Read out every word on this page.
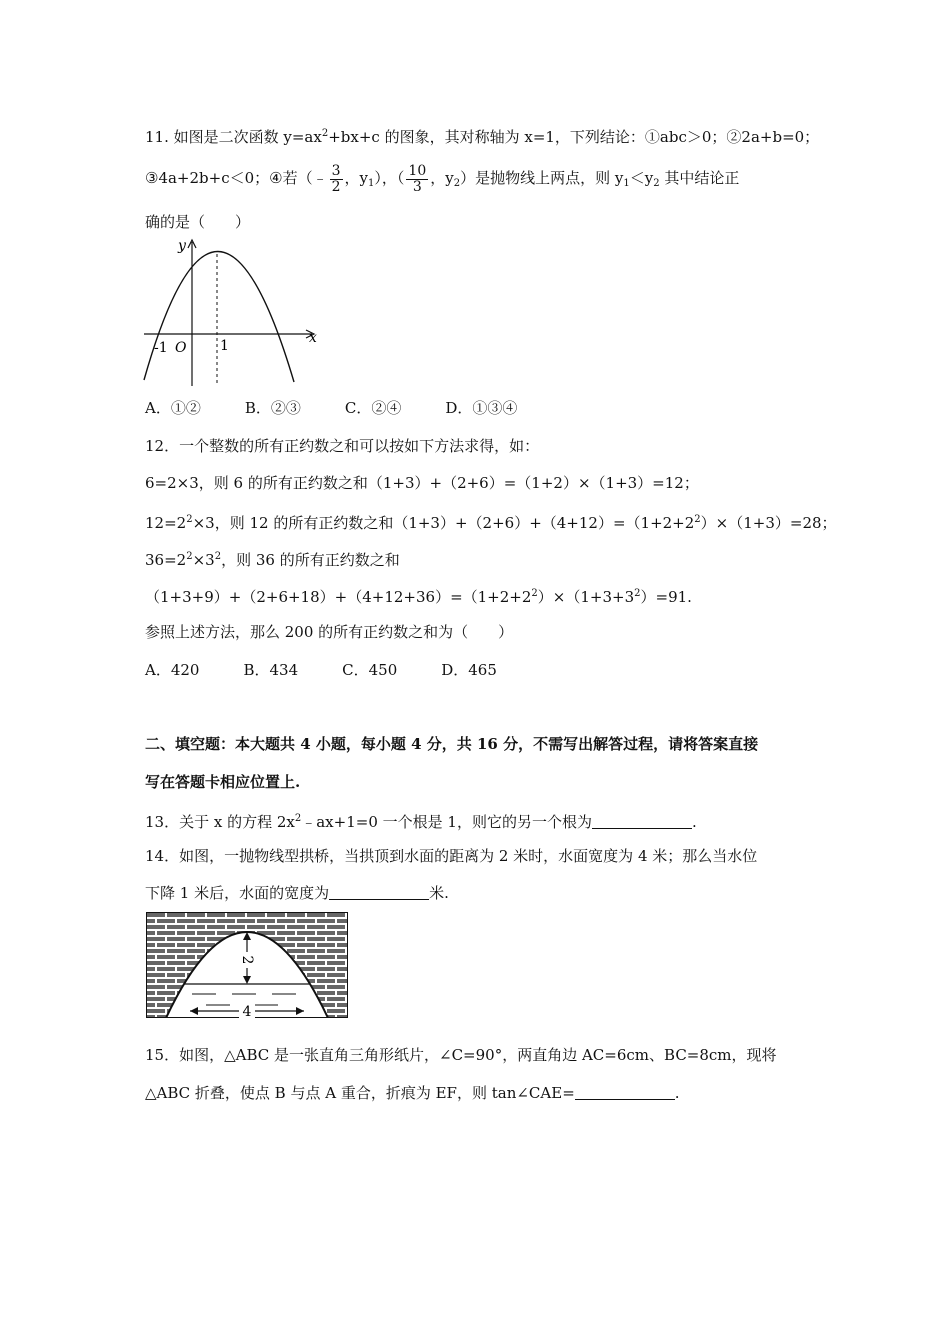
11. 如图是二次函数 $y=ax^2+bx+c$ 的图象，其对称轴为 x=1，下列结论：①abc＞0；②2a+b=0；
③4a+2b+c＜0；④若（﹣ $\frac{3}{2}$ ，$y_1$），（ $\frac{10}{3}$ ，$y_2$）是抛物线上两点，则 $y_1<y_2$ 其中结论正
确的是（　　）
y
x
-1 O 1
A．①②	B．②③	C．②④	D．①③④
12．一个整数的所有正约数之和可以按如下方法求得，如：
6=2×3，则 6 的所有正约数之和（1+3）+（2+6）=（1+2）×（1+3）=12；
$12=2^2\times 3$，则 12 的所有正约数之和$(1+3)+(2+6)+(4+12)=(1+2+2^2)\times(1+3)=28$；
$36=2^2\times 3^2$，则 36 的所有正约数之和
$(1+3+9)+(2+6+18)+(4+12+36)=(1+2+2^2)\times(1+3+3^2)=91$.
参照上述方法，那么 200 的所有正约数之和为（　　）
A．420	B．434	C．450	D．465
二、填空题：本大题共 4 小题，每小题 4 分，共 16 分，不需写出解答过程，请将答案直接
写在答题卡相应位置上.
13．关于 x 的方程 $2x^2﹣ax+1=0$ 一个根是 1，则它的另一个根为	.
14．如图，一抛物线型拱桥，当拱顶到水面的距离为 2 米时，水面宽度为 4 米；那么当水位
下降 1 米后，水面的宽度为	米.
2
4
15．如图，△ABC 是一张直角三角形纸片，∠C=90°，两直角边 AC=6cm、BC=8cm，现将
△ABC 折叠，使点 B 与点 A 重合，折痕为 EF，则 tan∠CAE=	.
